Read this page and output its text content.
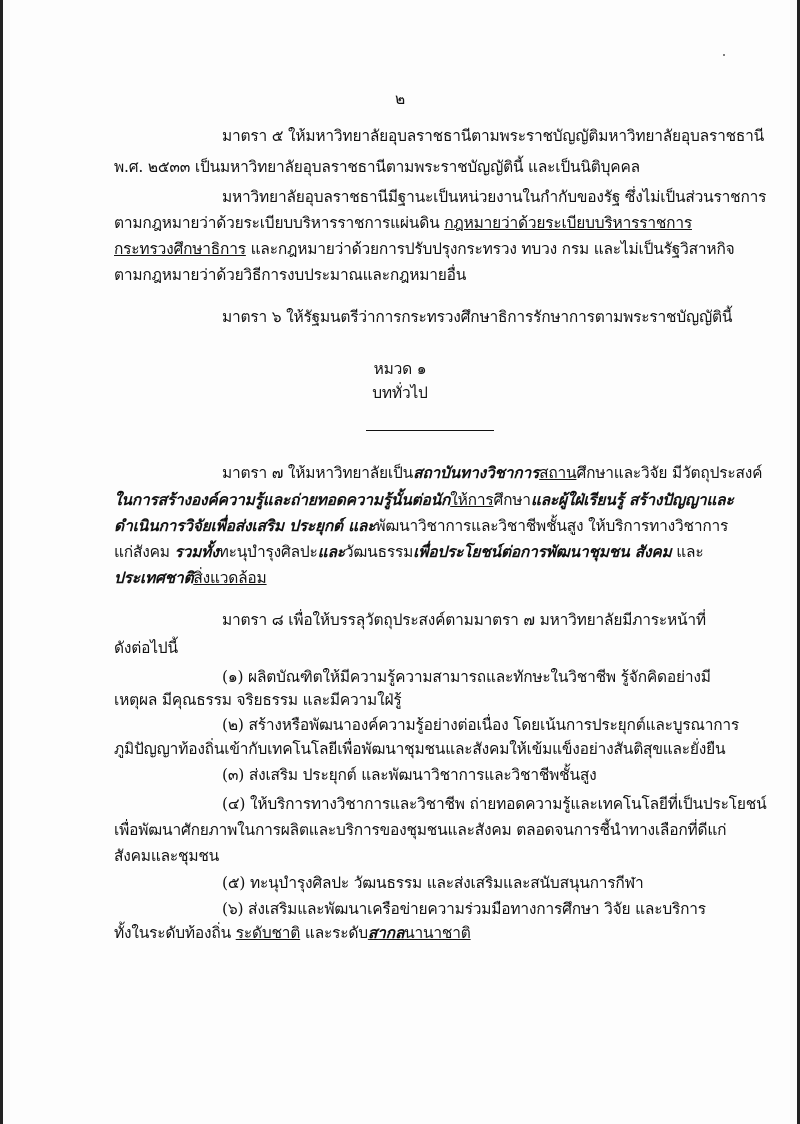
๒
มาตรา ๕ ให้มหาวิทยาลัยอุบลราชธานีตามพระราชบัญญัติมหาวิทยาลัยอุบลราชธานี
พ.ศ. ๒๕๓๓ เป็นมหาวิทยาลัยอุบลราชธานีตามพระราชบัญญัตินี้ และเป็นนิติบุคคล
มหาวิทยาลัยอุบลราชธานีมีฐานะเป็นหน่วยงานในกำกับของรัฐ ซึ่งไม่เป็นส่วนราชการ
ตามกฎหมายว่าด้วยระเบียบบริหารราชการแผ่นดิน กฎหมายว่าด้วยระเบียบบริหารราชการ
กระทรวงศึกษาธิการ และกฎหมายว่าด้วยการปรับปรุงกระทรวง ทบวง กรม และไม่เป็นรัฐวิสาหกิจ
ตามกฎหมายว่าด้วยวิธีการงบประมาณและกฎหมายอื่น
มาตรา ๖ ให้รัฐมนตรีว่าการกระทรวงศึกษาธิการรักษาการตามพระราชบัญญัตินี้
หมวด ๑
บททั่วไป
มาตรา ๗ ให้มหาวิทยาลัยเป็นสถาบันทางวิชาการสถานศึกษาและวิจัย มีวัตถุประสงค์
ในการสร้างองค์ความรู้และถ่ายทอดความรู้นั้นต่อนักให้การศึกษาและผู้ใฝ่เรียนรู้ สร้างปัญญาและ
ดำเนินการวิจัยเพื่อส่งเสริม ประยุกต์ และพัฒนาวิชาการและวิชาชีพชั้นสูง ให้บริการทางวิชาการ
แก่สังคม รวมทั้งทะนุบำรุงศิลปะและวัฒนธรรมเพื่อประโยชน์ต่อการพัฒนาชุมชน สังคม และ
ประเทศชาติสิ่งแวดล้อม
มาตรา ๘ เพื่อให้บรรลุวัตถุประสงค์ตามมาตรา ๗ มหาวิทยาลัยมีภาระหน้าที่
ดังต่อไปนี้
(๑) ผลิตบัณฑิตให้มีความรู้ความสามารถและทักษะในวิชาชีพ รู้จักคิดอย่างมี
เหตุผล มีคุณธรรม จริยธรรม และมีความใฝ่รู้
(๒) สร้างหรือพัฒนาองค์ความรู้อย่างต่อเนื่อง โดยเน้นการประยุกต์และบูรณาการ
ภูมิปัญญาท้องถิ่นเข้ากับเทคโนโลยีเพื่อพัฒนาชุมชนและสังคมให้เข้มแข็งอย่างสันติสุขและยั่งยืน
(๓) ส่งเสริม ประยุกต์ และพัฒนาวิชาการและวิชาชีพชั้นสูง
(๔) ให้บริการทางวิชาการและวิชาชีพ ถ่ายทอดความรู้และเทคโนโลยีที่เป็นประโยชน์
เพื่อพัฒนาศักยภาพในการผลิตและบริการของชุมชนและสังคม ตลอดจนการชี้นำทางเลือกที่ดีแก่
สังคมและชุมชน
(๕) ทะนุบำรุงศิลปะ วัฒนธรรม และส่งเสริมและสนับสนุนการกีฬา
(๖) ส่งเสริมและพัฒนาเครือข่ายความร่วมมือทางการศึกษา วิจัย และบริการ
ทั้งในระดับท้องถิ่น ระดับชาติ และระดับสากลนานาชาติ
